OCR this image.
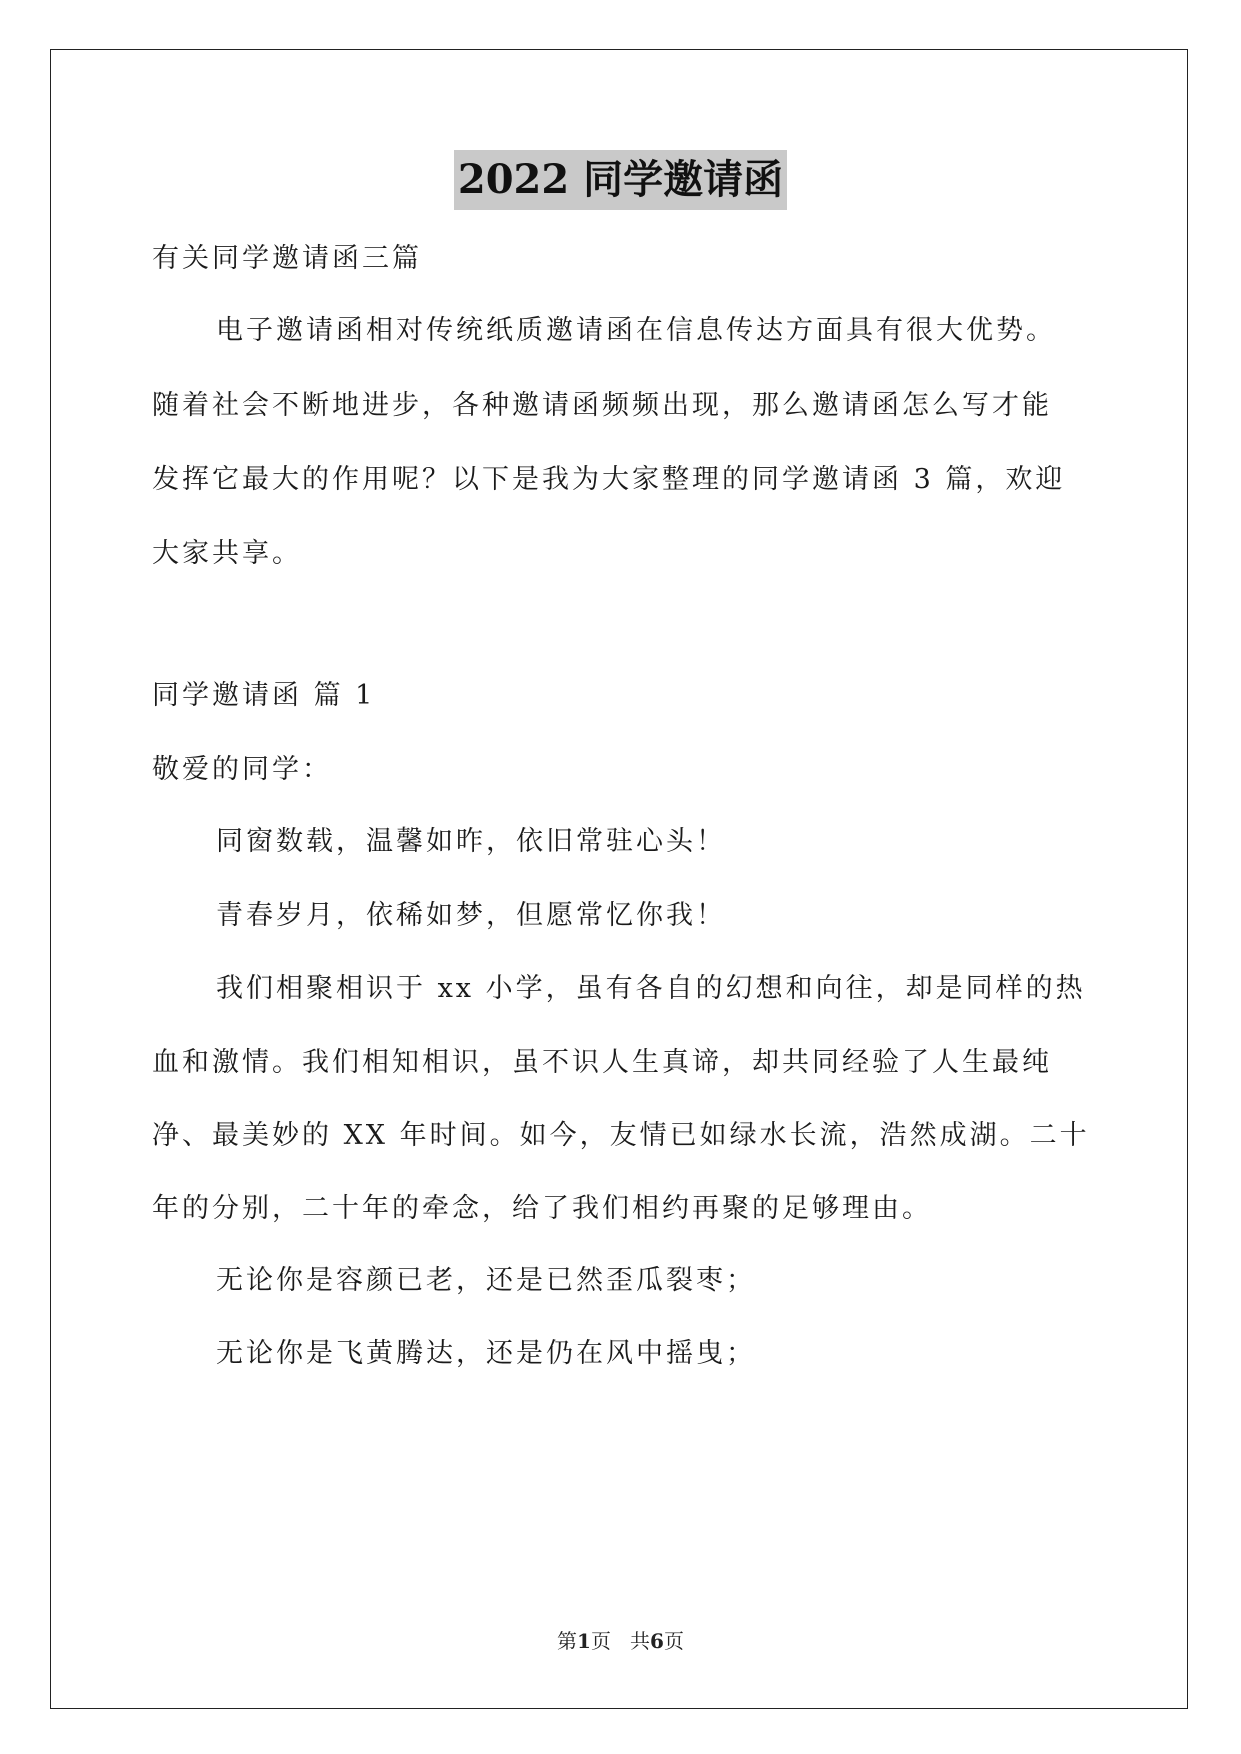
2022 同学邀请函
有关同学邀请函三篇
电子邀请函相对传统纸质邀请函在信息传达方面具有很大优势。
随着社会不断地进步，各种邀请函频频出现，那么邀请函怎么写才能
发挥它最大的作用呢？以下是我为大家整理的同学邀请函 3 篇，欢迎
大家共享。
同学邀请函 篇 1
敬爱的同学：
同窗数载，温馨如昨，依旧常驻心头！
青春岁月，依稀如梦，但愿常忆你我！
我们相聚相识于 xx 小学，虽有各自的幻想和向往，却是同样的热
血和激情。我们相知相识，虽不识人生真谛，却共同经验了人生最纯
净、最美妙的 XX 年时间。如今，友情已如绿水长流，浩然成湖。二十
年的分别，二十年的牵念，给了我们相约再聚的足够理由。
无论你是容颜已老，还是已然歪瓜裂枣；
无论你是飞黄腾达，还是仍在风中摇曳；
第1页 共6页
